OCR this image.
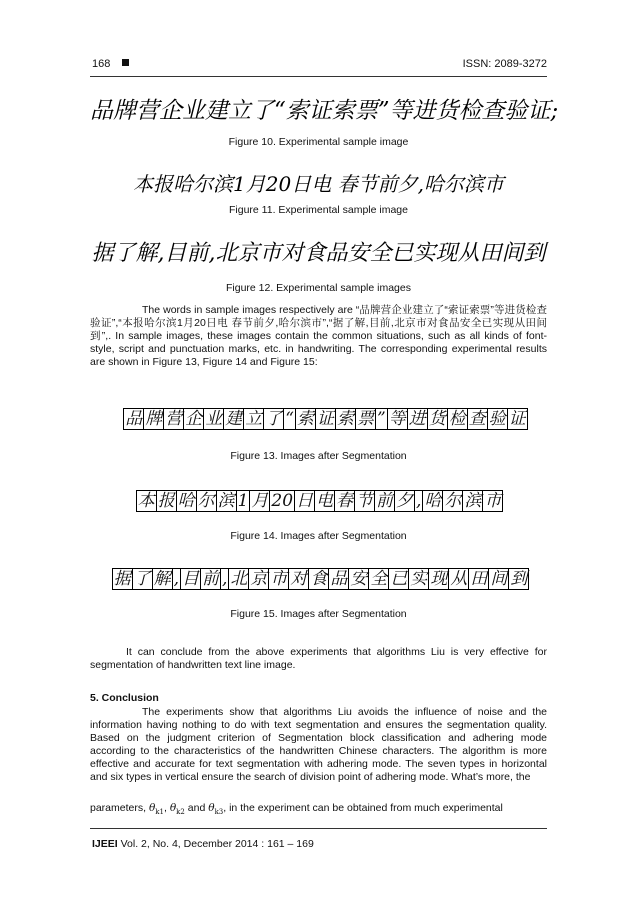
168	ISSN: 2089-3272
品牌营企业建立了“索证索票”等进货检查验证;
Figure 10. Experimental sample image
本报哈尔滨1月20日电 春节前夕,哈尔滨市
Figure 11. Experimental sample image
据了解,目前,北京市对食品安全已实现从田间到
Figure 12. Experimental sample images

The words in sample images respectively are “品牌营企业建立了“索证索票”等进货检查验证”,“本报哈尔滨1月20日电 春节前夕,哈尔滨市”,“据了解,目前,北京市对食品安全已实现从田间到”,. In sample images, these images contain the common situations, such as all kinds of font-style, script and punctuation marks, etc. in handwriting. The corresponding experimental results are shown in Figure 13, Figure 14 and Figure 15:

品 牌 营 企 业 建 立 了 “ 索 证 索 票 ” 等 进 货 检 查 验 证
Figure 13. Images after Segmentation
本 报 哈 尔 滨 1 月 20 日 电 春 节 前 夕 , 哈 尔 滨 市
Figure 14. Images after Segmentation
据 了 解 , 目 前 , 北 京 市 对 食 品 安 全 已 实 现 从 田 间 到
Figure 15. Images after Segmentation

It can conclude from the above experiments that algorithms Liu is very effective for segmentation of handwritten text line image.

5. Conclusion

The experiments show that algorithms Liu avoids the influence of noise and the information having nothing to do with text segmentation and ensures the segmentation quality. Based on the judgment criterion of Segmentation block classification and adhering mode according to the characteristics of the handwritten Chinese characters. The algorithm is more effective and accurate for text segmentation with adhering mode. The seven types in horizontal and six types in vertical ensure the search of division point of adhering mode. What’s more, the

parameters, $\theta_{k1}$, $\theta_{k2}$ and $\theta_{k3}$, in the experiment can be obtained from much experimental
IJEEI Vol. 2, No. 4, December 2014 : 161 – 169
